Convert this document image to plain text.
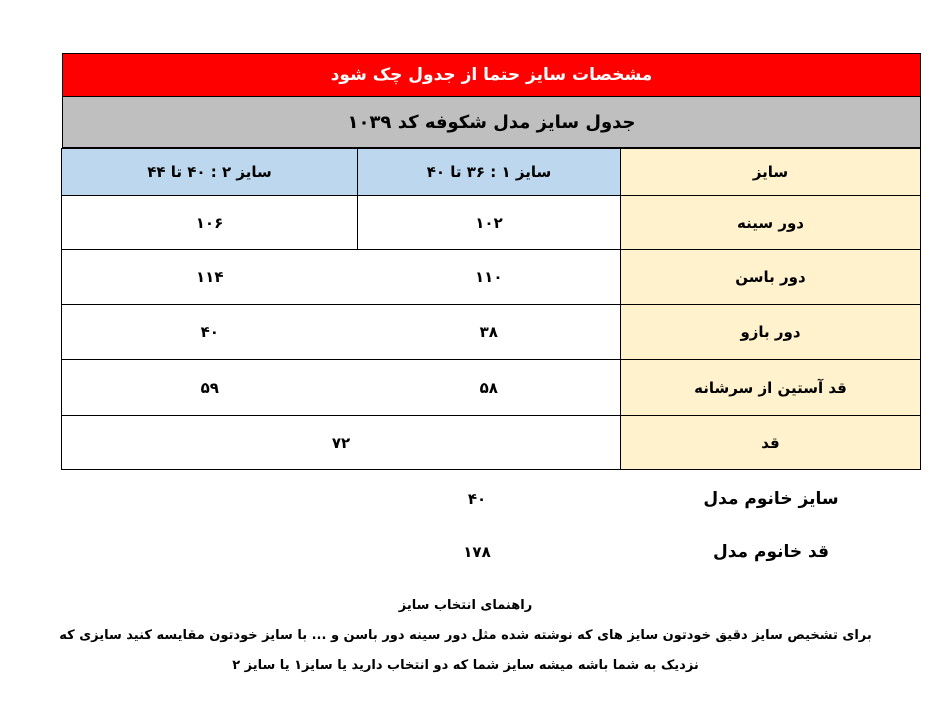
مشخصات سایز حتما از جدول چک شود
جدول سایز مدل شکوفه کد ۱۰۳۹
سایز	سایز ۱ : ۳۶ تا ۴۰	سایز ۲ : ۴۰ تا ۴۴
دور سینه	۱۰۲	۱۰۶
دور باسن	۱۱۰	۱۱۴
دور بازو	۳۸	۴۰
قد آستین از سرشانه	۵۸	۵۹
قد	۷۲	
سایز خانوم مدل
۴۰
قد خانوم مدل
۱۷۸
راهنمای انتخاب سایز
برای تشخیص سایز دقیق خودتون سایز های که نوشته شده مثل دور سینه دور باسن و ... با سایز خودتون مقایسه کنید سایزی که
نزدیک به شما باشه میشه سایز شما که دو انتخاب دارید یا سایز۱ یا سایز ۲
